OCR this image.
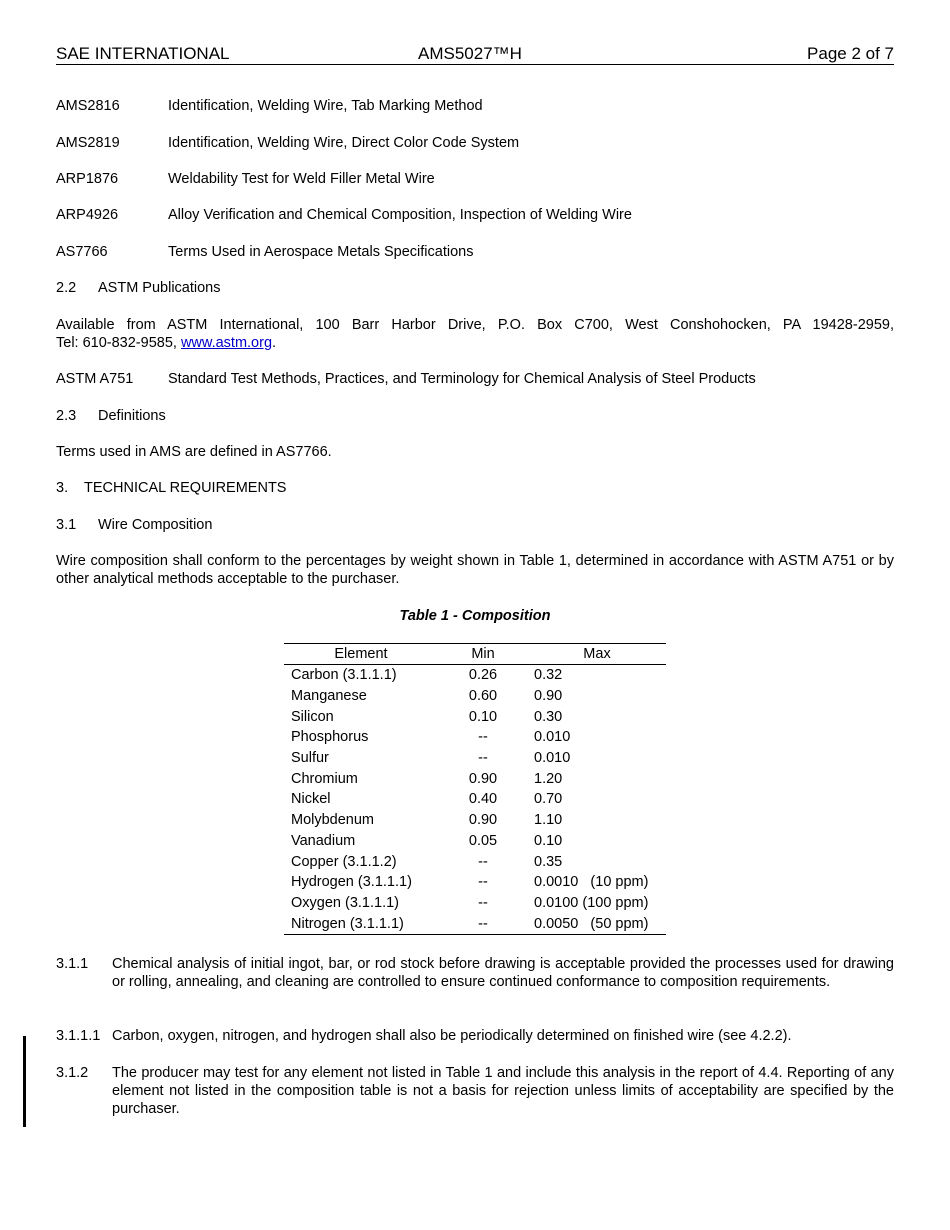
SAE INTERNATIONAL	AMS5027™H	Page 2 of 7
AMS2816	Identification, Welding Wire, Tab Marking Method
AMS2819	Identification, Welding Wire, Direct Color Code System
ARP1876	Weldability Test for Weld Filler Metal Wire
ARP4926	Alloy Verification and Chemical Composition, Inspection of Welding Wire
AS7766	Terms Used in Aerospace Metals Specifications
2.2 ASTM Publications
Available from ASTM International, 100 Barr Harbor Drive, P.O. Box C700, West Conshohocken, PA 19428-2959,
Tel: 610-832-9585, www.astm.org.
ASTM A751 Standard Test Methods, Practices, and Terminology for Chemical Analysis of Steel Products
2.3 Definitions
Terms used in AMS are defined in AS7766.
3. TECHNICAL REQUIREMENTS
3.1 Wire Composition
Wire composition shall conform to the percentages by weight shown in Table 1, determined in accordance with ASTM A751 or by other analytical methods acceptable to the purchaser.
Table 1 - Composition
Element	Min	Max
Carbon (3.1.1.1)	0.26	0.32
Manganese	0.60	0.90
Silicon	0.10	0.30
Phosphorus	--	0.010
Sulfur	--	0.010
Chromium	0.90	1.20
Nickel	0.40	0.70
Molybdenum	0.90	1.10
Vanadium	0.05	0.10
Copper (3.1.1.2)	--	0.35
Hydrogen (3.1.1.1)	--	0.0010   (10 ppm)
Oxygen (3.1.1.1)	--	0.0100 (100 ppm)
Nitrogen (3.1.1.1)	--	0.0050   (50 ppm)
3.1.1 Chemical analysis of initial ingot, bar, or rod stock before drawing is acceptable provided the processes used for drawing or rolling, annealing, and cleaning are controlled to ensure continued conformance to composition requirements.
3.1.1.1 Carbon, oxygen, nitrogen, and hydrogen shall also be periodically determined on finished wire (see 4.2.2).
3.1.2 The producer may test for any element not listed in Table 1 and include this analysis in the report of 4.4. Reporting of any element not listed in the composition table is not a basis for rejection unless limits of acceptability are specified by the purchaser.
